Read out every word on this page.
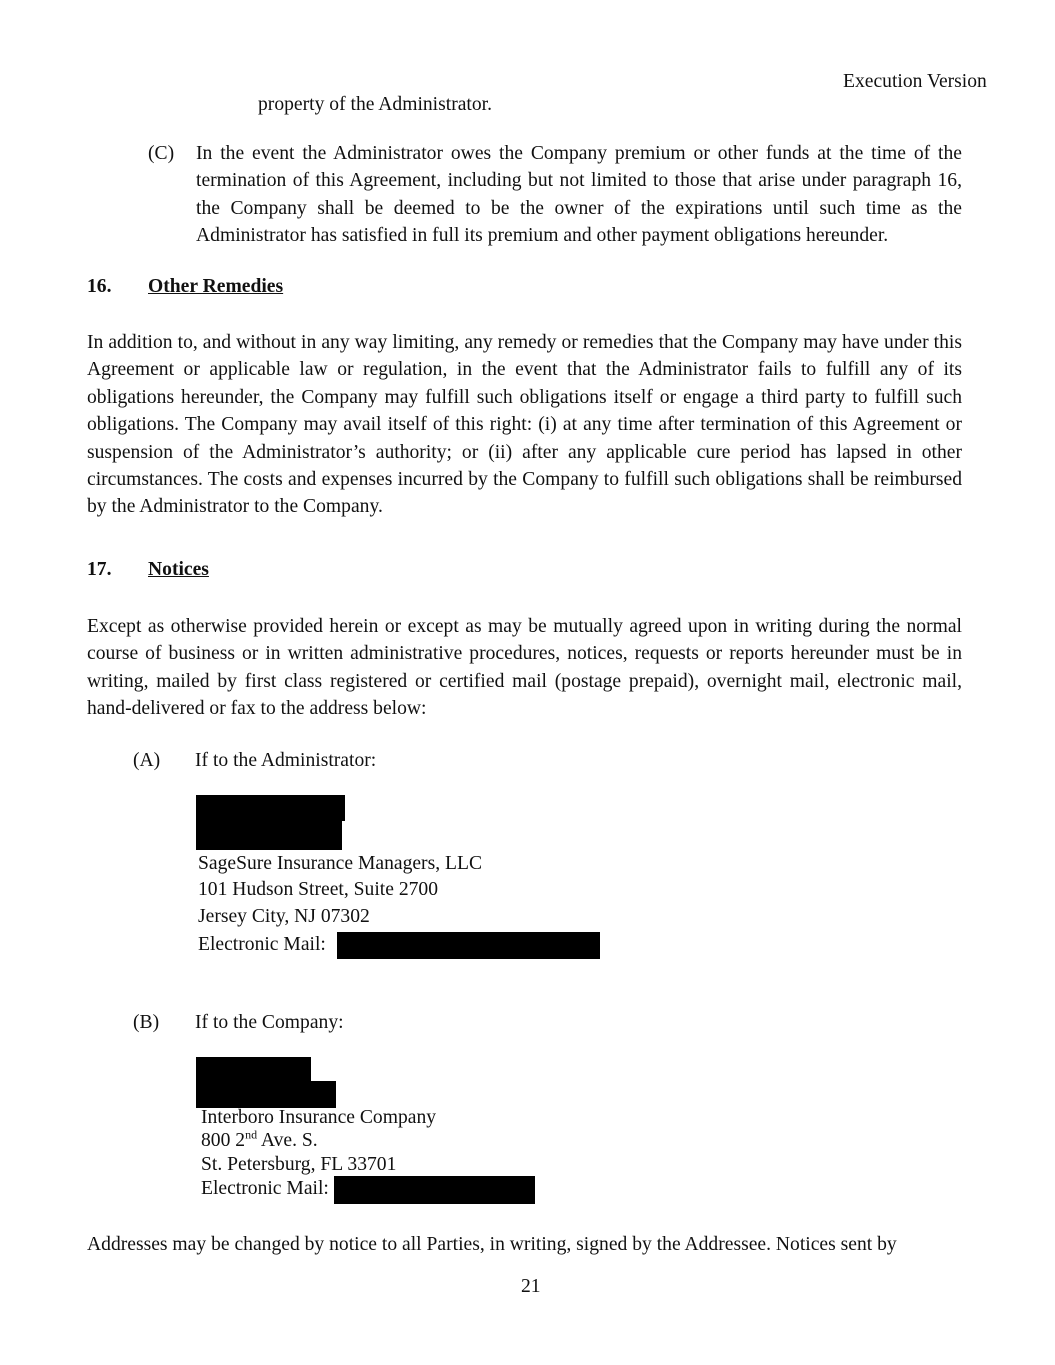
Execution Version
property of the Administrator.
(C) In the event the Administrator owes the Company premium or other funds at the time of the termination of this Agreement, including but not limited to those that arise under paragraph 16, the Company shall be deemed to be the owner of the expirations until such time as the Administrator has satisfied in full its premium and other payment obligations hereunder.
16. Other Remedies
In addition to, and without in any way limiting, any remedy or remedies that the Company may have under this Agreement or applicable law or regulation, in the event that the Administrator fails to fulfill any of its obligations hereunder, the Company may fulfill such obligations itself or engage a third party to fulfill such obligations. The Company may avail itself of this right: (i) at any time after termination of this Agreement or suspension of the Administrator’s authority; or (ii) after any applicable cure period has lapsed in other circumstances. The costs and expenses incurred by the Company to fulfill such obligations shall be reimbursed by the Administrator to the Company.
17. Notices
Except as otherwise provided herein or except as may be mutually agreed upon in writing during the normal course of business or in written administrative procedures, notices, requests or reports hereunder must be in writing, mailed by first class registered or certified mail (postage prepaid), overnight mail, electronic mail, hand-delivered or fax to the address below:
(A) If to the Administrator:
SageSure Insurance Managers, LLC
101 Hudson Street, Suite 2700
Jersey City, NJ 07302
Electronic Mail:
(B) If to the Company:
Interboro Insurance Company
800 2nd Ave. S.
St. Petersburg, FL 33701
Electronic Mail:
Addresses may be changed by notice to all Parties, in writing, signed by the Addressee. Notices sent by
21
